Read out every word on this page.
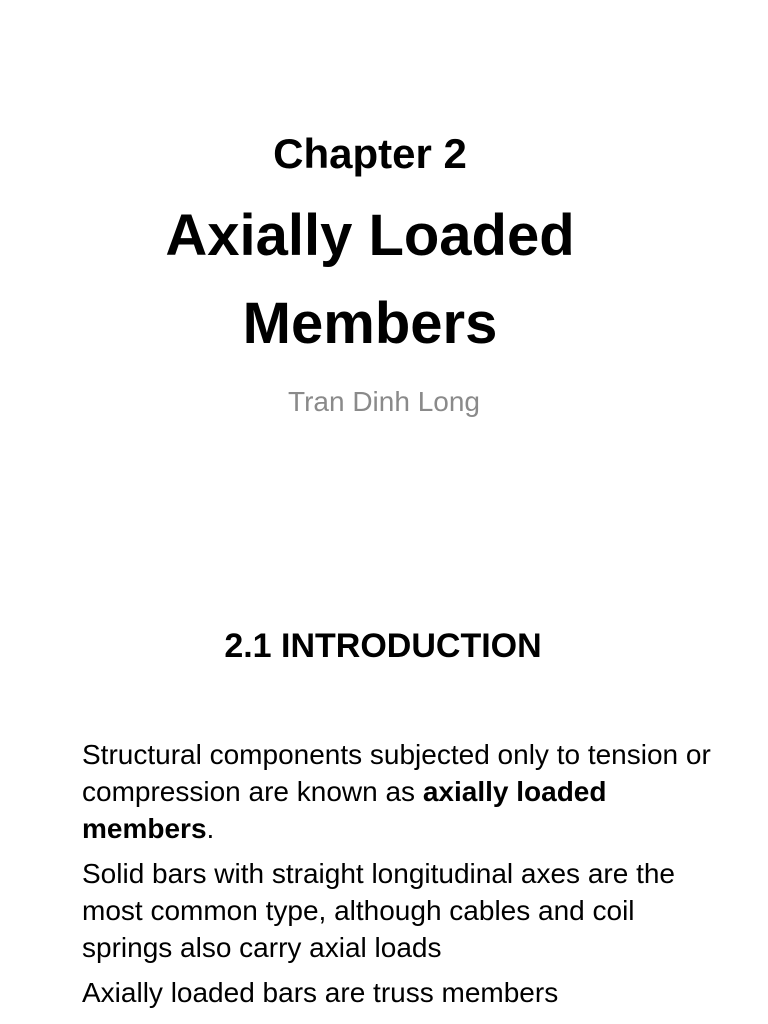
Chapter 2
Axially Loaded
Members
Tran Dinh Long
2.1 INTRODUCTION

Structural components subjected only to tension or compression are known as axially loaded members.

Solid bars with straight longitudinal axes are the most common type, although cables and coil springs also carry axial loads

Axially loaded bars are truss members
